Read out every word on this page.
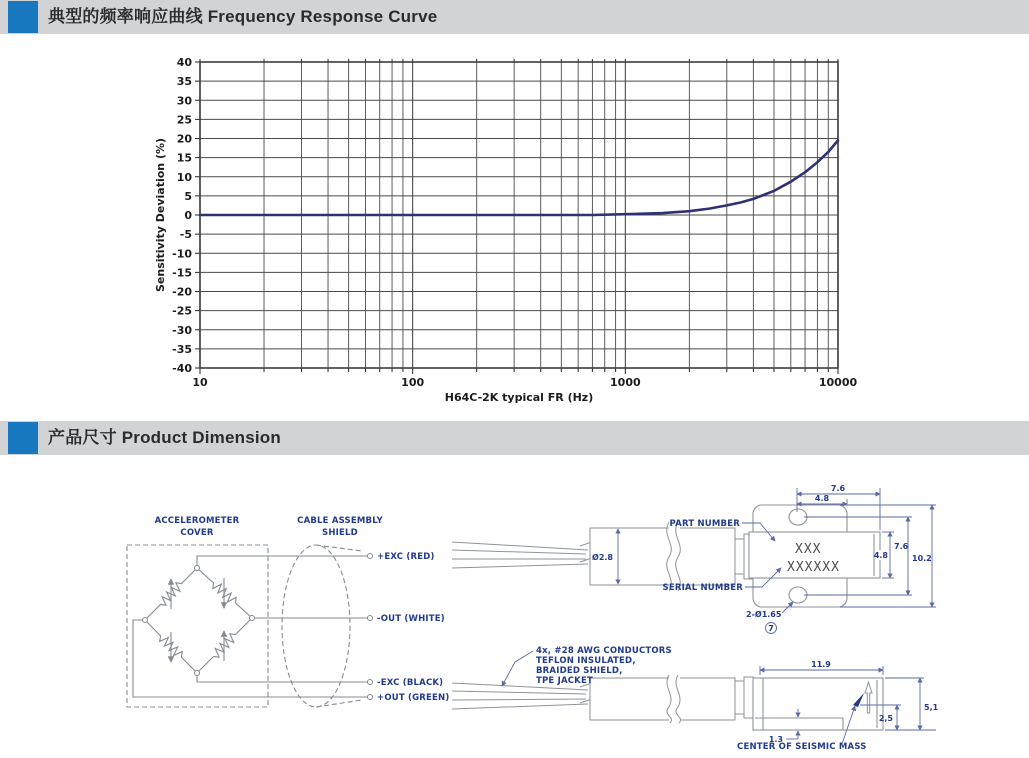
典型的频率响应曲线 Frequency Response Curve
-40
-35
-30
-25
-20
-15
-10
-5
0
5
10
15
20
25
30
35
40
10	100	1000	10000
Sensitivity Deviation (%)
H64C-2K typical FR (Hz)
产品尺寸 Product Dimension
ACCELEROMETER
COVER
CABLE ASSEMBLY
SHIELD
+EXC (RED)
-OUT (WHITE)
-EXC (BLACK)
+OUT (GREEN)
XXX
XXXXXX
Ø2.8
PART NUMBER
SERIAL NUMBER
7.6
4.8
4.8
7.6
10.2
2-Ø1.65
7
4x, #28 AWG CONDUCTORS
TEFLON INSULATED,
BRAIDED SHIELD,
TPE JACKET
11.9
5,1
2,5
1.3
CENTER OF SEISMIC MASS
